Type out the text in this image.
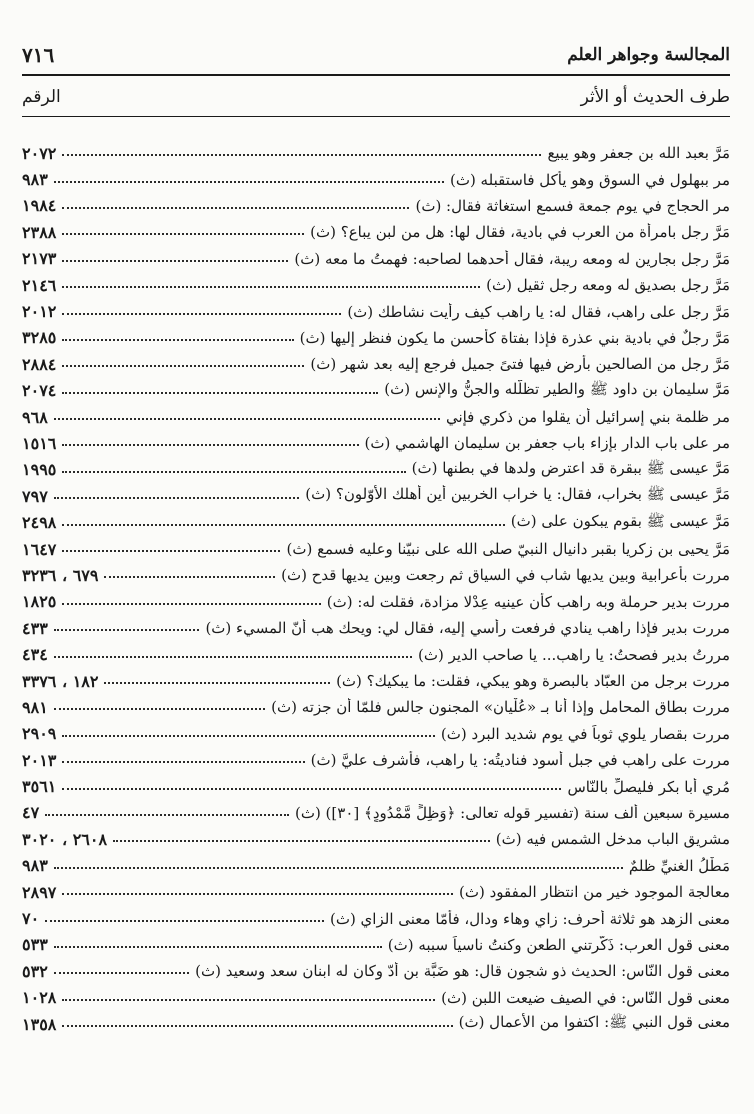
٧١٦	المجالسة وجواهر العلم
الرقم	طرف الحديث أو الأثر
مَرَّ بعبد الله بن جعفر وهو يبيع
٢٠٧٢
مر ببهلول في السوق وهو يأكل فاستقبله (ث)
٩٨٣
مر الحجاج في يوم جمعة فسمع استغاثة فقال: (ث)
١٩٨٤
مَرَّ رجل بامرأة من العرب في بادية، فقال لها: هل من لبن يباع؟ (ث)
٢٣٨٨
مَرَّ رجل بجارين له ومعه ريبة، فقال أحدهما لصاحبه: فهمتُ ما معه (ث)
٢١٧٣
مَرَّ رجل بصديق له ومعه رجل ثقيل (ث)
٢١٤٦
مَرَّ رجل على راهب، فقال له: يا راهب كيف رأيت نشاطك (ث)
٢٠١٢
مَرَّ رجلٌ في بادية بني عذرة فإذا بفتاة كأحسن ما يكون فنظر إليها (ث)
٣٢٨٥
مَرَّ رجل من الصالحين بأرض فيها فتىً جميل فرجع إليه بعد شهر (ث)
٢٨٨٤
مَرَّ سليمان بن داود ﷺ والطير تظلّله والجنُّ والإنس (ث)
٢٠٧٤
مر ظلمة بني إسرائيل أن يقلوا من ذكري فإني
٩٦٨
مر على باب الدار بإزاء باب جعفر بن سليمان الهاشمي (ث)
١٥١٦
مَرَّ عيسى ﷺ ببقرة قد اعترض ولدها في بطنها (ث)
١٩٩٥
مَرَّ عيسى ﷺ بخراب، فقال: يا خراب الخربين أين أهلك الأوّلون؟ (ث)
٧٩٧
مَرَّ عيسى ﷺ بقوم يبكون على (ث)
٢٤٩٨
مَرَّ يحيى بن زكريا بقبر دانيال النبيّ صلى الله على نبيّنا وعليه فسمع (ث)
١٦٤٧
مررت بأعرابية وبين يديها شاب في السياق ثم رجعت وبين يديها قدح (ث)
٦٧٩ ، ٣٢٣٦
مررت بدير حرملة وبه راهب كأن عينيه عِدْلا مزادة، فقلت له: (ث)
١٨٢٥
مررت بدير فإذا راهب ينادي فرفعت رأسي إليه، فقال لي: ويحك هب أنّ المسيء (ث)
٤٣٣
مررتُ بدير فصحتُ: يا راهب... يا صاحب الدير (ث)
٤٣٤
مررت برجل من العبّاد بالبصرة وهو يبكي، فقلت: ما يبكيك؟ (ث)
١٨٢ ، ٣٣٧٦
مررت بطاق المحامل وإذا أنا بـ «عُلْيان» المجنون جالس فلمّا أن جزته (ث)
٩٨١
مررت بقصار يلوي ثوباً في يوم شديد البرد (ث)
٢٩٠٩
مررت على راهب في جبل أسود فناديتُه: يا راهب، فأشرف عليَّ (ث)
٢٠١٣
مُري أبا بكر فليصلِّ بالنّاس
٣٥٦١
مسيرة سبعين ألف سنة (تفسير قوله تعالى: ﴿وَظِلٍّ مَّمْدُودٍ﴾ [٣٠]) (ث)
٤٧
مشريق الباب مدخل الشمس فيه (ث)
٢٦٠٨ ، ٣٠٢٠
مَطْلُ الغنيِّ ظلمٌ
٩٨٣
معالجة الموجود خير من انتظار المفقود (ث)
٢٨٩٧
معنى الزهد هو ثلاثة أحرف: زاي وهاء ودال، فأمّا معنى الزاي (ث)
٧٠
معنى قول العرب: ذَكَّرتني الطعن وكنتُ ناسياً سببه (ث)
٥٣٣
معنى قول النّاس: الحديث ذو شجون قال: هو ضَبَّة بن أُدّ وكان له ابنان سعد وسعيد (ث)
٥٣٢
معنى قول النّاس: في الصيف ضيعت اللبن (ث)
١٠٢٨
معنى قول النبي ﷺ: اكتفوا من الأعمال (ث)
١٣٥٨
